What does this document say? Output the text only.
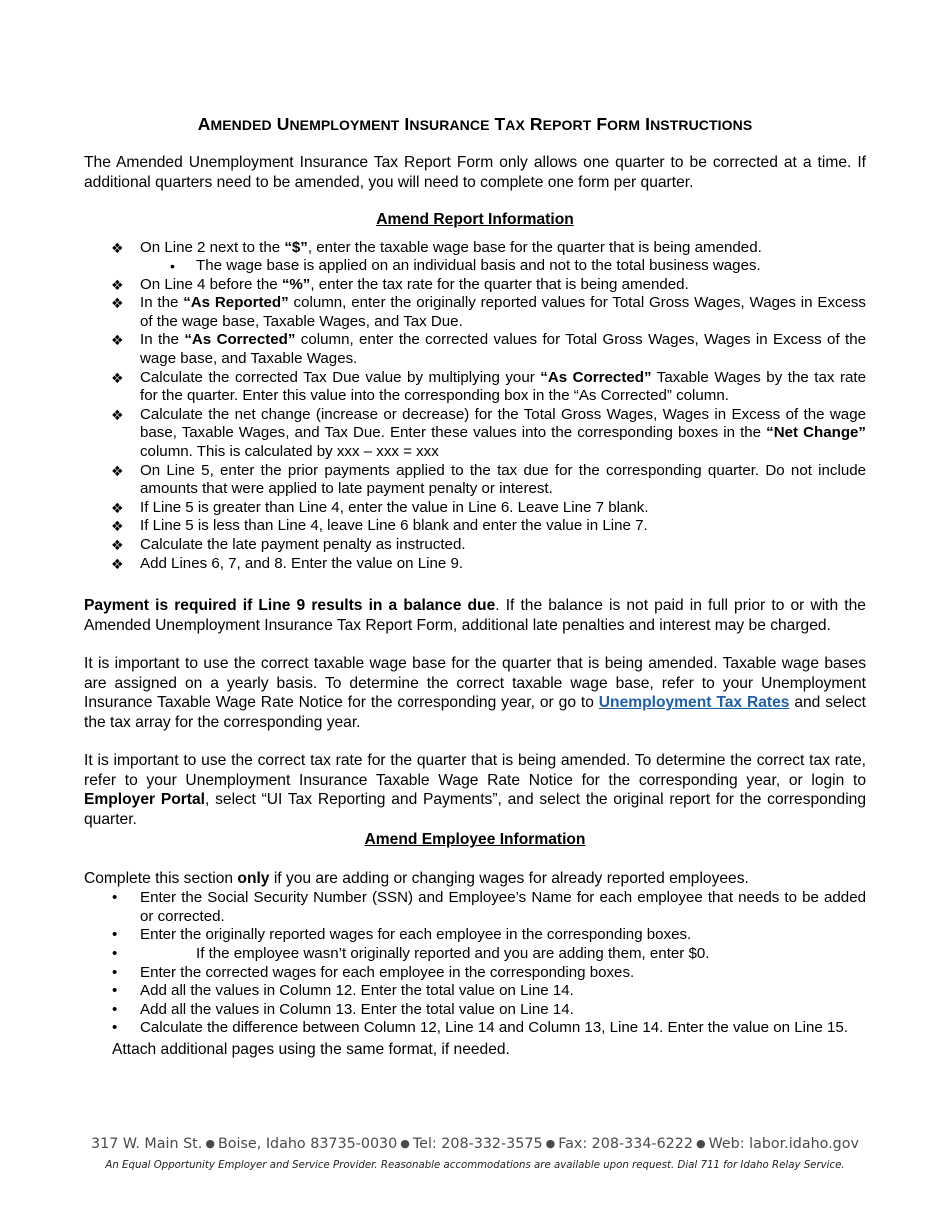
AMENDED UNEMPLOYMENT INSURANCE TAX REPORT FORM INSTRUCTIONS

The Amended Unemployment Insurance Tax Report Form only allows one quarter to be corrected at a time. If additional quarters need to be amended, you will need to complete one form per quarter.

Amend Report Information

❖ On Line 2 next to the “$”, enter the taxable wage base for the quarter that is being amended.
• The wage base is applied on an individual basis and not to the total business wages.
❖ On Line 4 before the “%”, enter the tax rate for the quarter that is being amended.
❖ In the “As Reported” column, enter the originally reported values for Total Gross Wages, Wages in Excess of the wage base, Taxable Wages, and Tax Due.
❖ In the “As Corrected” column, enter the corrected values for Total Gross Wages, Wages in Excess of the wage base, and Taxable Wages.
❖ Calculate the corrected Tax Due value by multiplying your “As Corrected” Taxable Wages by the tax rate for the quarter. Enter this value into the corresponding box in the “As Corrected” column.
❖ Calculate the net change (increase or decrease) for the Total Gross Wages, Wages in Excess of the wage base, Taxable Wages, and Tax Due. Enter these values into the corresponding boxes in the “Net Change” column. This is calculated by xxx – xxx = xxx
❖ On Line 5, enter the prior payments applied to the tax due for the corresponding quarter. Do not include amounts that were applied to late payment penalty or interest.
❖ If Line 5 is greater than Line 4, enter the value in Line 6. Leave Line 7 blank.
❖ If Line 5 is less than Line 4, leave Line 6 blank and enter the value in Line 7.
❖ Calculate the late payment penalty as instructed.
❖ Add Lines 6, 7, and 8. Enter the value on Line 9.

Payment is required if Line 9 results in a balance due. If the balance is not paid in full prior to or with the Amended Unemployment Insurance Tax Report Form, additional late penalties and interest may be charged.

It is important to use the correct taxable wage base for the quarter that is being amended. Taxable wage bases are assigned on a yearly basis. To determine the correct taxable wage base, refer to your Unemployment Insurance Taxable Wage Rate Notice for the corresponding year, or go to Unemployment Tax Rates and select the tax array for the corresponding year.

It is important to use the correct tax rate for the quarter that is being amended. To determine the correct tax rate, refer to your Unemployment Insurance Taxable Wage Rate Notice for the corresponding year, or login to Employer Portal, select “UI Tax Reporting and Payments”, and select the original report for the corresponding quarter.

Amend Employee Information

Complete this section only if you are adding or changing wages for already reported employees.

• Enter the Social Security Number (SSN) and Employee’s Name for each employee that needs to be added or corrected.
• Enter the originally reported wages for each employee in the corresponding boxes.
•	If the employee wasn’t originally reported and you are adding them, enter $0.
• Enter the corrected wages for each employee in the corresponding boxes.
• Add all the values in Column 12. Enter the total value on Line 14.
• Add all the values in Column 13. Enter the total value on Line 14.
• Calculate the difference between Column 12, Line 14 and Column 13, Line 14. Enter the value on Line 15.

Attach additional pages using the same format, if needed.

317 W. Main St. ● Boise, Idaho 83735-0030 ● Tel: 208-332-3575 ● Fax: 208-334-6222 ● Web: labor.idaho.gov
An Equal Opportunity Employer and Service Provider. Reasonable accommodations are available upon request. Dial 711 for Idaho Relay Service.
